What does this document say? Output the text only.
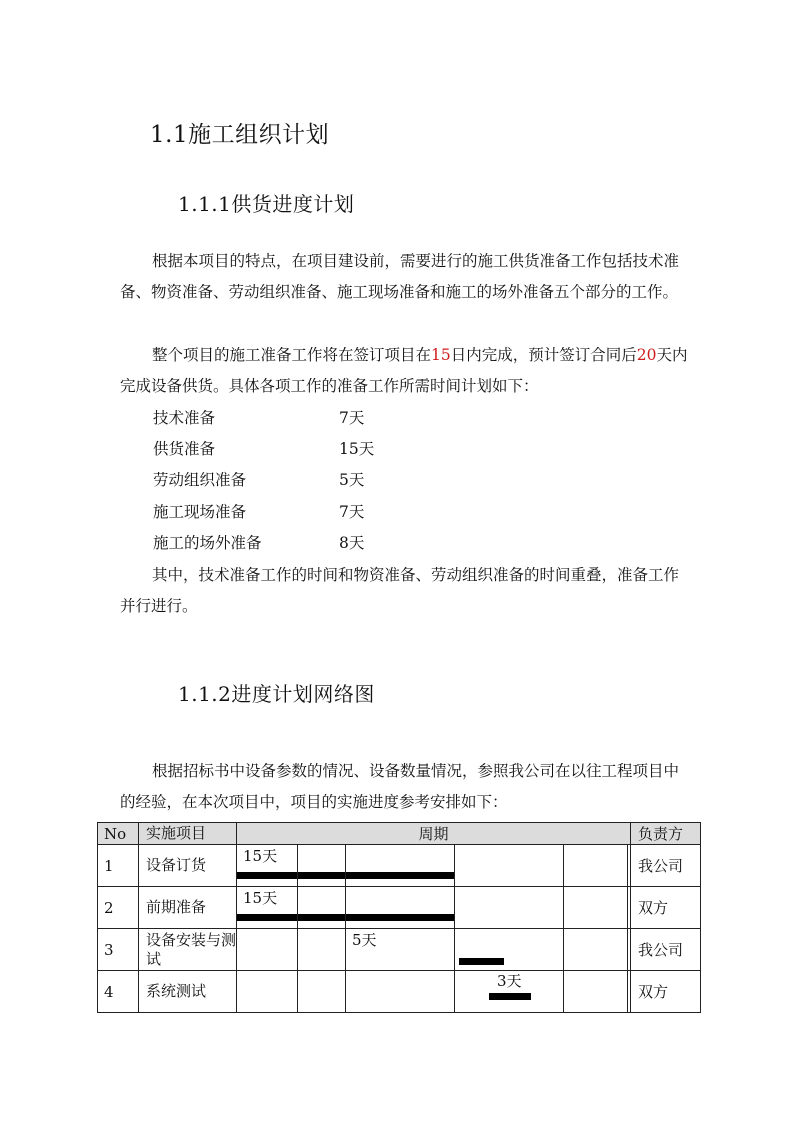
1.1施工组织计划
1.1.1供货进度计划

根据本项目的特点，在项目建设前，需要进行的施工供货准备工作包括技术准备、物资准备、劳动组织准备、施工现场准备和施工的场外准备五个部分的工作。

整个项目的施工准备工作将在签订项目在15日内完成，预计签订合同后20天内完成设备供货。具体各项工作的准备工作所需时间计划如下：

技术准备	7天
供货准备	15天
劳动组织准备	5天
施工现场准备	7天
施工的场外准备	8天

其中，技术准备工作的时间和物资准备、劳动组织准备的时间重叠，准备工作并行进行。

1.1.2进度计划网络图

根据招标书中设备参数的情况、设备数量情况，参照我公司在以往工程项目中的经验，在本次项目中，项目的实施进度参考安排如下：

No	实施项目	周期						负责方
1	设备订货	15天						我公司
2	前期准备	15天						双方
3	设备安装与测试			5天				我公司
4	系统测试				3天			双方
